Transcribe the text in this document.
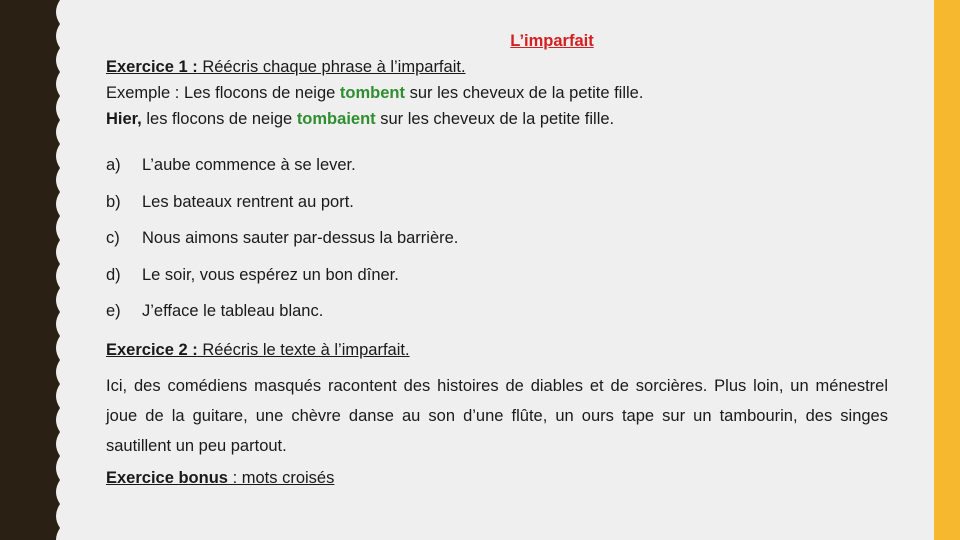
L’imparfait
Exercice 1 : Réécris chaque phrase à l’imparfait.
Exemple : Les flocons de neige tombent sur les cheveux de la petite fille.
Hier, les flocons de neige tombaient sur les cheveux de la petite fille.
a)	L’aube commence à se lever.
b)	Les bateaux rentrent au port.
c)	Nous aimons sauter par-dessus la barrière.
d)	Le soir, vous espérez un bon dîner.
e)	J’efface le tableau blanc.
Exercice 2 : Réécris le texte à l’imparfait.
Ici, des comédiens masqués racontent des histoires de diables et de sorcières. Plus loin, un ménestrel joue de la guitare, une chèvre danse au son d’une flûte, un ours tape sur un tambourin, des singes sautillent un peu partout.
Exercice bonus : mots croisés
